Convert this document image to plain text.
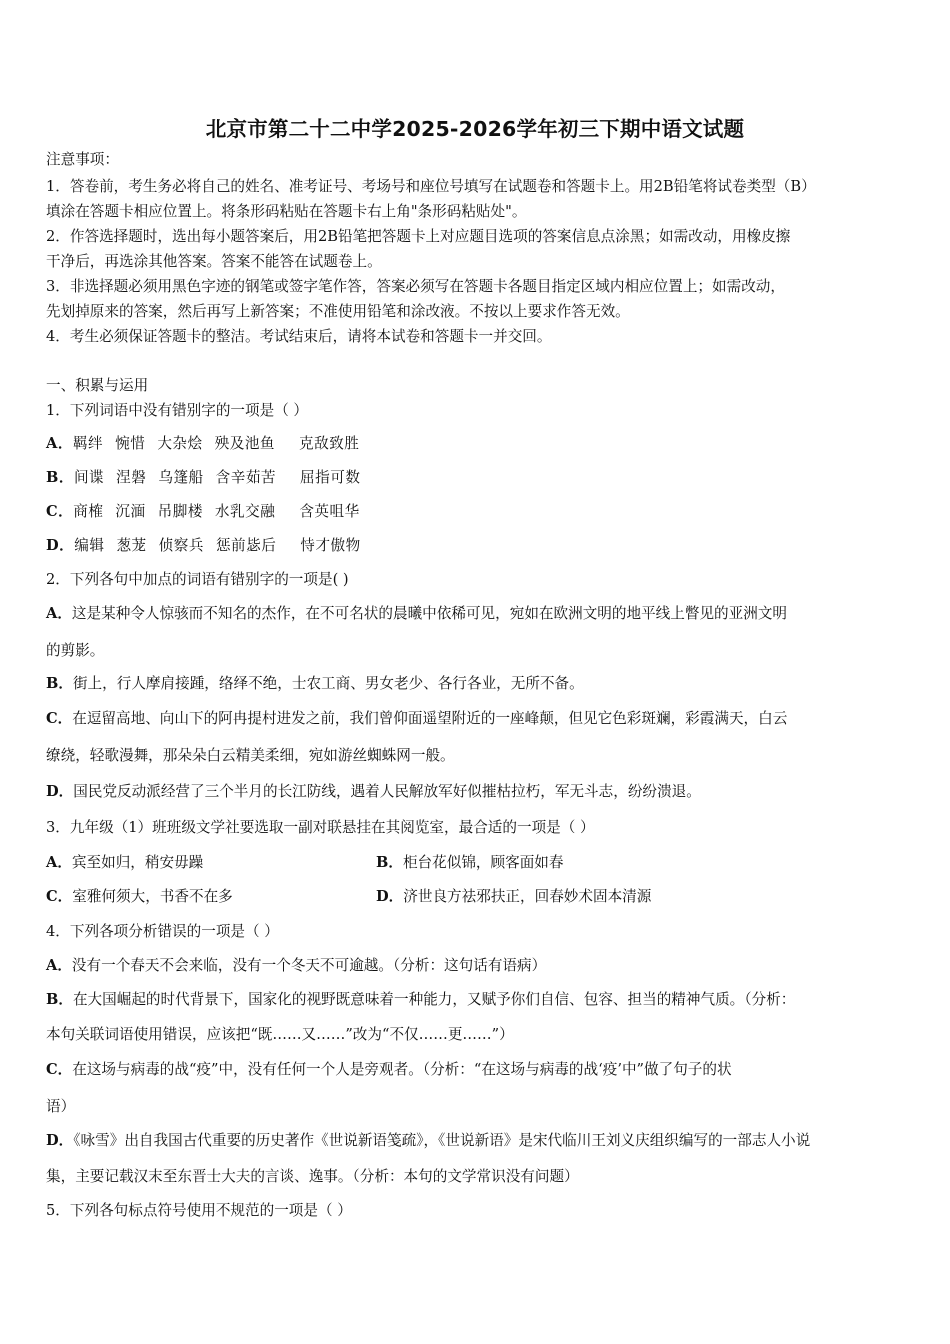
北京市第二十二中学2025-2026学年初三下期中语文试题
注意事项：
1．答卷前，考生务必将自己的姓名、准考证号、考场号和座位号填写在试题卷和答题卡上。用2B铅笔将试卷类型（B）
填涂在答题卡相应位置上。将条形码粘贴在答题卡右上角"条形码粘贴处"。
2．作答选择题时，选出每小题答案后，用2B铅笔把答题卡上对应题目选项的答案信息点涂黑；如需改动，用橡皮擦
干净后，再选涂其他答案。答案不能答在试题卷上。
3．非选择题必须用黑色字迹的钢笔或签字笔作答，答案必须写在答题卡各题目指定区域内相应位置上；如需改动，
先划掉原来的答案，然后再写上新答案；不准使用铅笔和涂改液。不按以上要求作答无效。
4．考生必须保证答题卡的整洁。考试结束后，请将本试卷和答题卡一并交回。
一、积累与运用
1．下列词语中没有错别字的一项是（ ）
A．羁绊 惋惜 大杂烩 殃及池鱼 克敌致胜
B．间谍 涅磐 乌篷船 含辛茹苦 屈指可数
C．商榷 沉湎 吊脚楼 水乳交融 含英咀华
D．编辑 葱茏 侦察兵 惩前毖后 恃才傲物
2．下列各句中加点的词语有错别字的一项是( )
A．这是某种令人惊骇而不知名的杰作，在不可名状的晨曦中依稀可见，宛如在欧洲文明的地平线上瞥见的亚洲文明
的剪影。
B．街上，行人摩肩接踵，络绎不绝，士农工商、男女老少、各行各业，无所不备。
C．在逗留高地、向山下的阿冉提村进发之前，我们曾仰面遥望附近的一座峰颠，但见它色彩斑斓，彩霞满天，白云
缭绕，轻歌漫舞，那朵朵白云精美柔细，宛如游丝蜘蛛网一般。
D．国民党反动派经营了三个半月的长江防线，遇着人民解放军好似摧枯拉朽，军无斗志，纷纷溃退。
3．九年级（1）班班级文学社要选取一副对联悬挂在其阅览室，最合适的一项是（ ）
A．宾至如归，稍安毋躁	B．柜台花似锦，顾客面如春
C．室雅何须大，书香不在多	D．济世良方祛邪扶正，回春妙术固本清源
4．下列各项分析错误的一项是（ ）
A．没有一个春天不会来临，没有一个冬天不可逾越。（分析：这句话有语病）
B．在大国崛起的时代背景下，国家化的视野既意味着一种能力，又赋予你们自信、包容、担当的精神气质。（分析：
本句关联词语使用错误，应该把“既……又……”改为“不仅……更……”）
C．在这场与病毒的战“疫”中，没有任何一个人是旁观者。（分析：“在这场与病毒的战‘疫’中”做了句子的状
语）
D．《咏雪》出自我国古代重要的历史著作《世说新语笺疏》，《世说新语》是宋代临川王刘义庆组织编写的一部志人小说
集，主要记载汉末至东晋士大夫的言谈、逸事。（分析：本句的文学常识没有问题）
5．下列各句标点符号使用不规范的一项是（ ）
